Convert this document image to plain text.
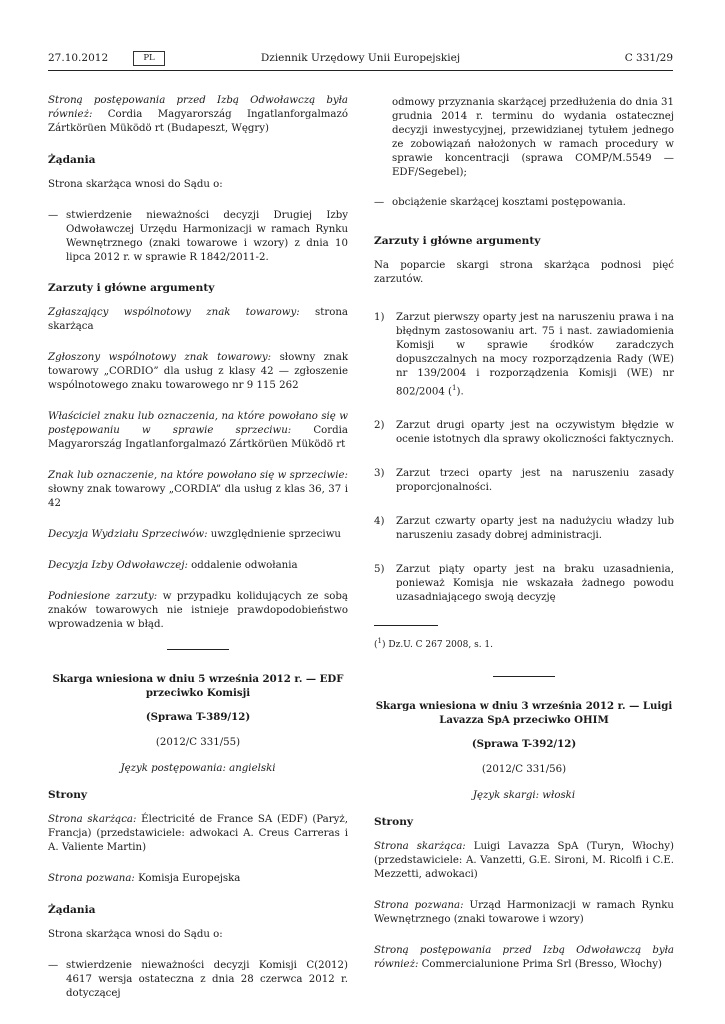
27.10.2012	PL	Dziennik Urzędowy Unii Europejskiej	C 331/29

Stroną postępowania przed Izbą Odwoławczą była również: Cordia Magyarország Ingatlanforgalmazó Zártkörüen Müködö rt (Budapeszt, Węgry)

Żądania

Strona skarżąca wnosi do Sądu o:

— stwierdzenie nieważności decyzji Drugiej Izby Odwoławczej Urzędu Harmonizacji w ramach Rynku Wewnętrznego (znaki towarowe i wzory) z dnia 10 lipca 2012 r. w sprawie R 1842/2011-2.
Zarzuty i główne argumenty

Zgłaszający wspólnotowy znak towarowy: strona skarżąca

Zgłoszony wspólnotowy znak towarowy: słowny znak towarowy „CORDIO” dla usług z klasy 42 — zgłoszenie wspólnotowego znaku towarowego nr 9 115 262

Właściciel znaku lub oznaczenia, na które powołano się w postępowaniu w sprawie sprzeciwu: Cordia Magyarország Ingatlanforgalmazó Zártkörüen Müködö rt

Znak lub oznaczenie, na które powołano się w sprzeciwie: słowny znak towarowy „CORDIA” dla usług z klas 36, 37 i 42

Decyzja Wydziału Sprzeciwów: uwzględnienie sprzeciwu

Decyzja Izby Odwoławczej: oddalenie odwołania

Podniesione zarzuty: w przypadku kolidujących ze sobą znaków towarowych nie istnieje prawdopodobieństwo wprowadzenia w błąd.

Skarga wniesiona w dniu 5 września 2012 r. — EDF przeciwko Komisji
(Sprawa T-389/12)
(2012/C 331/55)
Język postępowania: angielski
Strony

Strona skarżąca: Électricité de France SA (EDF) (Paryż, Francja) (przedstawiciele: adwokaci A. Creus Carreras i A. Valiente Martin)

Strona pozwana: Komisja Europejska

Żądania

Strona skarżąca wnosi do Sądu o:

— stwierdzenie nieważności decyzji Komisji C(2012) 4617 wersja ostateczna z dnia 28 czerwca 2012 r. dotyczącej
odmowy przyznania skarżącej przedłużenia do dnia 31 grudnia 2014 r. terminu do wydania ostatecznej decyzji inwestycyjnej, przewidzianej tytułem jednego ze zobowiązań nałożonych w ramach procedury w sprawie koncentracji (sprawa COMP/M.5549 — EDF/Segebel);
— obciążenie skarżącej kosztami postępowania.
Zarzuty i główne argumenty

Na poparcie skargi strona skarżąca podnosi pięć zarzutów.

1)	Zarzut pierwszy oparty jest na naruszeniu prawa i na błędnym zastosowaniu art. 75 i nast. zawiadomienia Komisji w sprawie środków zaradczych dopuszczalnych na mocy rozporządzenia Rady (WE) nr 139/2004 i rozporządzenia Komisji (WE) nr 802/2004 ($^1$).
2)	Zarzut drugi oparty jest na oczywistym błędzie w ocenie istotnych dla sprawy okoliczności faktycznych.
3)	Zarzut trzeci oparty jest na naruszeniu zasady proporcjonalności.
4)	Zarzut czwarty oparty jest na nadużyciu władzy lub naruszeniu zasady dobrej administracji.
5)	Zarzut piąty oparty jest na braku uzasadnienia, ponieważ Komisja nie wskazała żadnego powodu uzasadniającego swoją decyzję
($^1$) Dz.U. C 267 2008, s. 1.
Skarga wniesiona w dniu 3 września 2012 r. — Luigi Lavazza SpA przeciwko OHIM
(Sprawa T-392/12)
(2012/C 331/56)
Język skargi: włoski
Strony

Strona skarżąca: Luigi Lavazza SpA (Turyn, Włochy) (przedstawiciele: A. Vanzetti, G.E. Sironi, M. Ricolfi i C.E. Mezzetti, adwokaci)

Strona pozwana: Urząd Harmonizacji w ramach Rynku Wewnętrznego (znaki towarowe i wzory)

Stroną postępowania przed Izbą Odwoławczą była również: Commercialunione Prima Srl (Bresso, Włochy)
